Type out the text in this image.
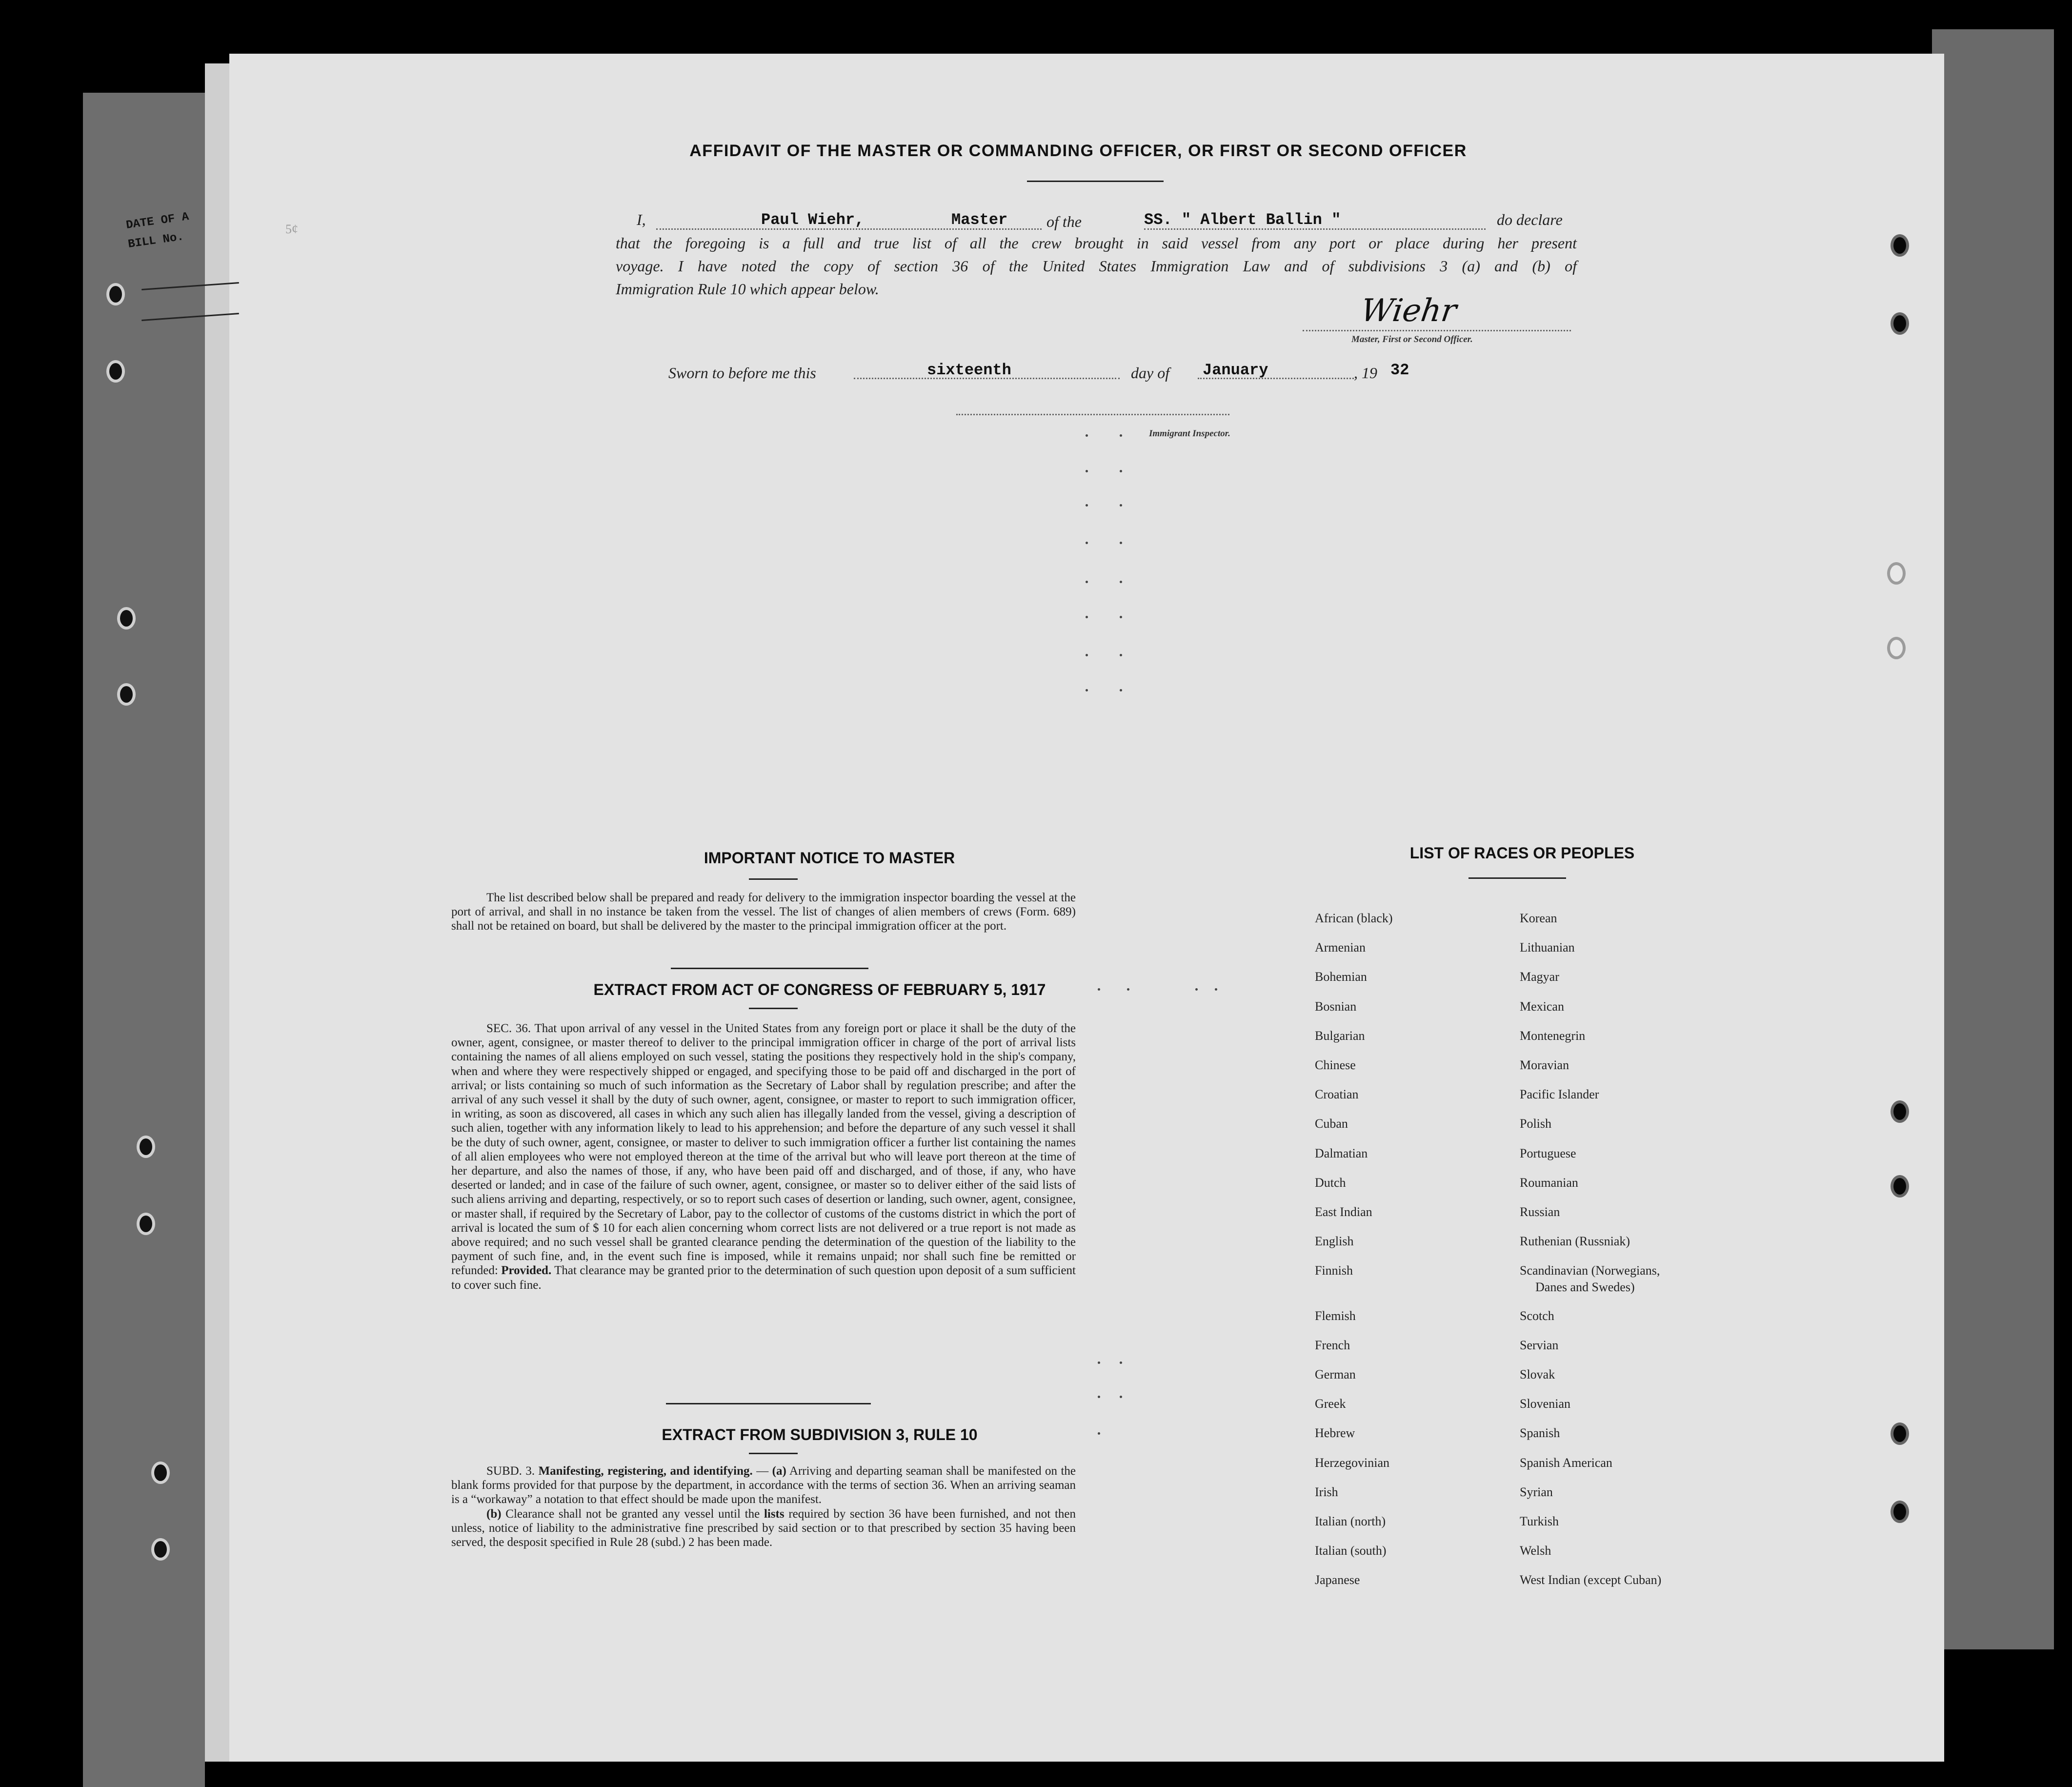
DATE OF A
BILL No.
AFFIDAVIT OF THE MASTER OR COMMANDING OFFICER, OR FIRST OR SECOND OFFICER
I,	Paul Wiehr,	Master of the	SS. " Albert Ballin "	do declare
that the foregoing is a full and true list of all the crew brought in said vessel from any port or place during her present
voyage. I have noted the copy of section 36 of the United States Immigration Law and of subdivisions 3 (a) and (b) of
Immigration Rule 10 which appear below.
Wiehr
Master, First or Second Officer.
Sworn to before me this	sixteenth	day of January	, 19 32
Immigrant Inspector.
IMPORTANT NOTICE TO MASTER

The list described below shall be prepared and ready for delivery to the immigration inspector boarding the vessel at the port of arrival, and shall in no instance be taken from the vessel. The list of changes of alien members of crews (Form. 689) shall not be retained on board, but shall be delivered by the master to the principal immigration officer at the port.

EXTRACT FROM ACT OF CONGRESS OF FEBRUARY 5, 1917

SEC. 36. That upon arrival of any vessel in the United States from any foreign port or place it shall be the duty of the owner, agent, consignee, or master thereof to deliver to the principal immigration officer in charge of the port of arrival lists containing the names of all aliens employed on such vessel, stating the positions they respectively hold in the ship's company, when and where they were respectively shipped or engaged, and specifying those to be paid off and discharged in the port of arrival; or lists containing so much of such information as the Secretary of Labor shall by regulation prescribe; and after the arrival of any such vessel it shall by the duty of such owner, agent, consignee, or master to report to such immigration officer, in writing, as soon as discovered, all cases in which any such alien has illegally landed from the vessel, giving a description of such alien, together with any information likely to lead to his apprehension; and before the departure of any such vessel it shall be the duty of such owner, agent, consignee, or master to deliver to such immigration officer a further list containing the names of all alien employees who were not employed thereon at the time of the arrival but who will leave port thereon at the time of her departure, and also the names of those, if any, who have been paid off and discharged, and of those, if any, who have deserted or landed; and in case of the failure of such owner, agent, consignee, or master so to deliver either of the said lists of such aliens arriving and departing, respectively, or so to report such cases of desertion or landing, such owner, agent, consignee, or master shall, if required by the Secretary of Labor, pay to the collector of customs of the customs district in which the port of arrival is located the sum of $ 10 for each alien concerning whom correct lists are not delivered or a true report is not made as above required; and no such vessel shall be granted clearance pending the determination of the question of the liability to the payment of such fine, and, in the event such fine is imposed, while it remains unpaid; nor shall such fine be remitted or refunded: Provided. That clearance may be granted prior to the determination of such question upon deposit of a sum sufficient to cover such fine.

EXTRACT FROM SUBDIVISION 3, RULE 10

SUBD. 3. Manifesting, registering, and identifying. — (a) Arriving and departing seaman shall be manifested on the blank forms provided for that purpose by the department, in accordance with the terms of section 36. When an arriving seaman is a “workaway” a notation to that effect should be made upon the manifest.

(b) Clearance shall not be granted any vessel until the lists required by section 36 have been furnished, and not then unless, notice of liability to the administrative fine prescribed by said section or to that prescribed by section 35 having been served, the desposit specified in Rule 28 (subd.) 2 has been made.

LIST OF RACES OR PEOPLES
African (black)
Armenian
Bohemian
Bosnian
Bulgarian
Chinese
Croatian
Cuban
Dalmatian
Dutch
East Indian
English
Finnish
Flemish
French
German
Greek
Hebrew
Herzegovinian
Irish
Italian (north)
Italian (south)
Japanese
Korean
Lithuanian
Magyar
Mexican
Montenegrin
Moravian
Pacific Islander
Polish
Portuguese
Roumanian
Russian
Ruthenian (Russniak)
Scandinavian (Norwegians,
Danes and Swedes)
Scotch
Servian
Slovak
Slovenian
Spanish
Spanish American
Syrian
Turkish
Welsh
West Indian (except Cuban)
5¢
